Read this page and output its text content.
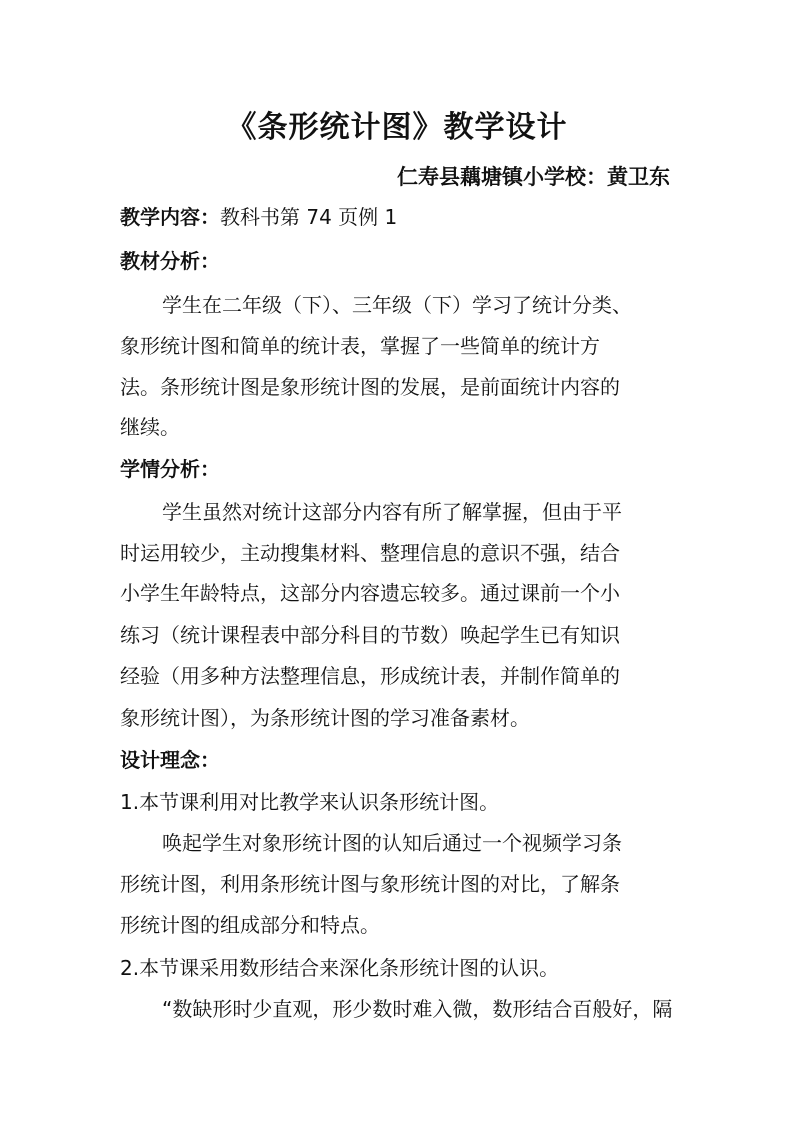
《条形统计图》教学设计
仁寿县藕塘镇小学校：黄卫东
教学内容：教科书第 74 页例 1
教材分析：
学生在二年级（下）、三年级（下）学习了统计分类、
象形统计图和简单的统计表，掌握了一些简单的统计方
法。条形统计图是象形统计图的发展，是前面统计内容的
继续。
学情分析：
学生虽然对统计这部分内容有所了解掌握，但由于平
时运用较少，主动搜集材料、整理信息的意识不强，结合
小学生年龄特点，这部分内容遗忘较多。通过课前一个小
练习（统计课程表中部分科目的节数）唤起学生已有知识
经验（用多种方法整理信息，形成统计表，并制作简单的
象形统计图），为条形统计图的学习准备素材。
设计理念：
1.本节课利用对比教学来认识条形统计图。
唤起学生对象形统计图的认知后通过一个视频学习条
形统计图，利用条形统计图与象形统计图的对比，了解条
形统计图的组成部分和特点。
2.本节课采用数形结合来深化条形统计图的认识。
“数缺形时少直观，形少数时难入微，数形结合百般好，隔
